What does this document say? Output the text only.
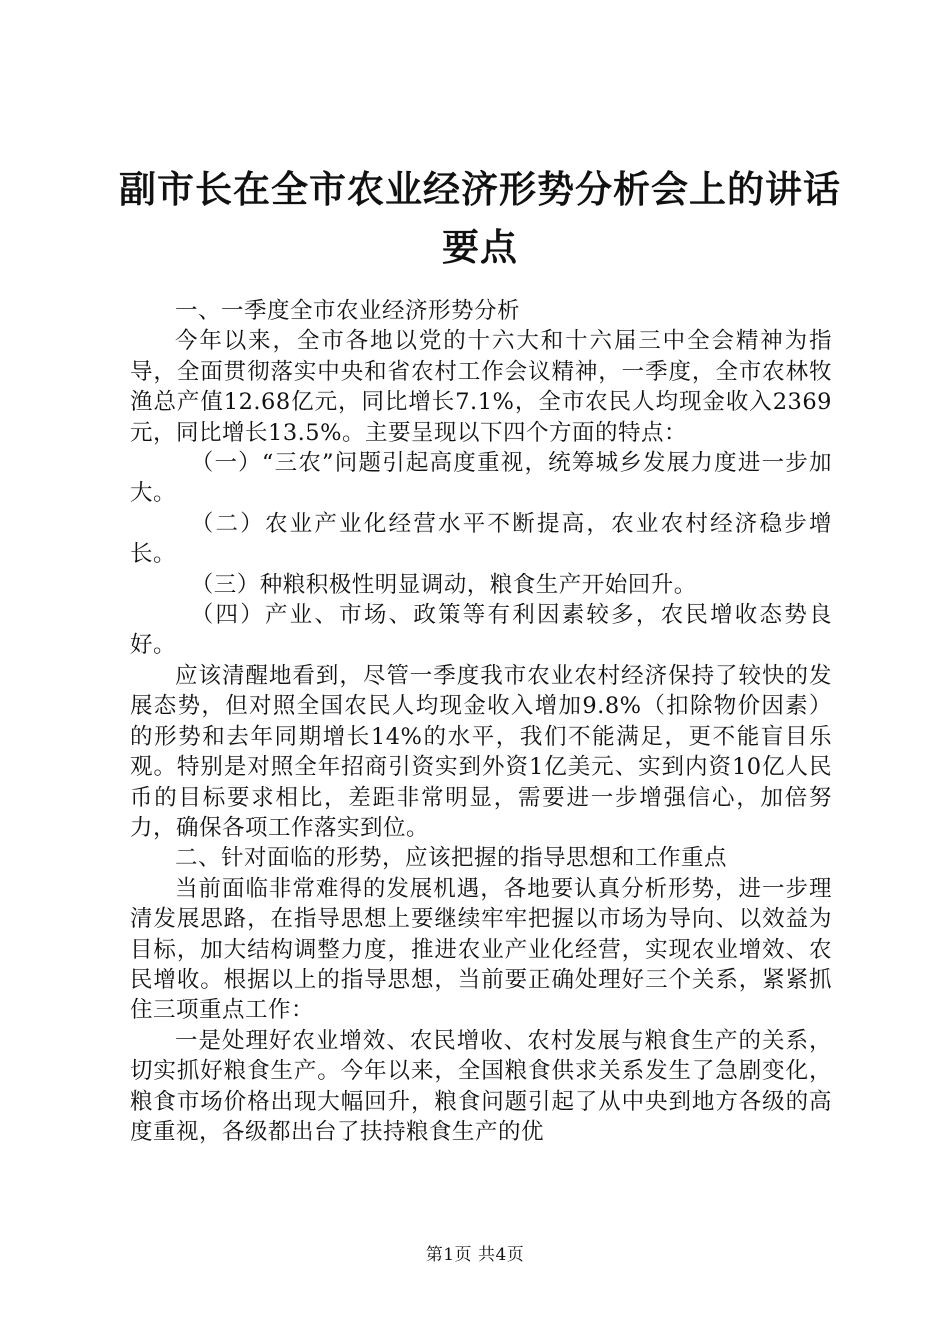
副市长在全市农业经济形势分析会上的讲话要点

一、一季度全市农业经济形势分析

今年以来，全市各地以党的十六大和十六届三中全会精神为指导，全面贯彻落实中央和省农村工作会议精神，一季度，全市农林牧渔总产值12.68亿元，同比增长7.1%，全市农民人均现金收入2369元，同比增长13.5%。主要呈现以下四个方面的特点：

（一）“三农”问题引起高度重视，统筹城乡发展力度进一步加大。

（二）农业产业化经营水平不断提高，农业农村经济稳步增长。

（三）种粮积极性明显调动，粮食生产开始回升。

（四）产业、市场、政策等有利因素较多，农民增收态势良好。

应该清醒地看到，尽管一季度我市农业农村经济保持了较快的发展态势，但对照全国农民人均现金收入增加9.8%（扣除物价因素）的形势和去年同期增长14%的水平，我们不能满足，更不能盲目乐观。特别是对照全年招商引资实到外资1亿美元、实到内资10亿人民币的目标要求相比，差距非常明显，需要进一步增强信心，加倍努力，确保各项工作落实到位。

二、针对面临的形势，应该把握的指导思想和工作重点

当前面临非常难得的发展机遇，各地要认真分析形势，进一步理清发展思路，在指导思想上要继续牢牢把握以市场为导向、以效益为目标，加大结构调整力度，推进农业产业化经营，实现农业增效、农民增收。根据以上的指导思想，当前要正确处理好三个关系，紧紧抓住三项重点工作：

一是处理好农业增效、农民增收、农村发展与粮食生产的关系，切实抓好粮食生产。今年以来，全国粮食供求关系发生了急剧变化，粮食市场价格出现大幅回升，粮食问题引起了从中央到地方各级的高度重视，各级都出台了扶持粮食生产的优

第1页 共4页
